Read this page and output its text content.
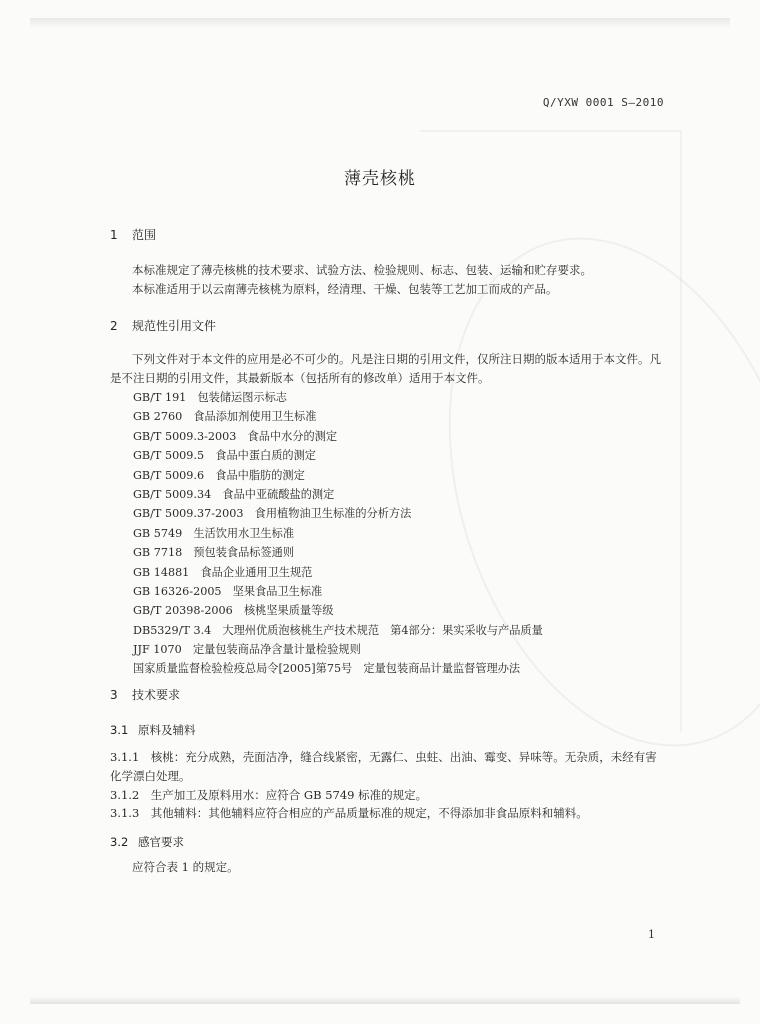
Q/YXW 0001 S—2010
薄壳核桃
1 范围
本标准规定了薄壳核桃的技术要求、试验方法、检验规则、标志、包装、运输和贮存要求。
本标准适用于以云南薄壳核桃为原料，经清理、干燥、包装等工艺加工而成的产品。
2 规范性引用文件
下列文件对于本文件的应用是必不可少的。凡是注日期的引用文件，仅所注日期的版本适用于本文件。凡是不注日期的引用文件，其最新版本（包括所有的修改单）适用于本文件。
GB/T 191　包装储运图示标志
GB 2760　食品添加剂使用卫生标准
GB/T 5009.3-2003　食品中水分的测定
GB/T 5009.5　食品中蛋白质的测定
GB/T 5009.6　食品中脂肪的测定
GB/T 5009.34　食品中亚硫酸盐的测定
GB/T 5009.37-2003　食用植物油卫生标准的分析方法
GB 5749　生活饮用水卫生标准
GB 7718　预包装食品标签通则
GB 14881　食品企业通用卫生规范
GB 16326-2005　坚果食品卫生标准
GB/T 20398-2006　核桃坚果质量等级
DB5329/T 3.4　大理州优质泡核桃生产技术规范　第4部分：果实采收与产品质量
JJF 1070　定量包装商品净含量计量检验规则
国家质量监督检验检疫总局令[2005]第75号　定量包装商品计量监督管理办法
3 技术要求
3.1 原料及辅料
3.1.1  核桃：充分成熟，壳面洁净，缝合线紧密，无露仁、虫蛀、出油、霉变、异味等。无杂质，未经有害化学漂白处理。
3.1.2  生产加工及原料用水：应符合 GB 5749 标准的规定。
3.1.3  其他辅料：其他辅料应符合相应的产品质量标准的规定，不得添加非食品原料和辅料。
3.2 感官要求
应符合表 1 的规定。
1
